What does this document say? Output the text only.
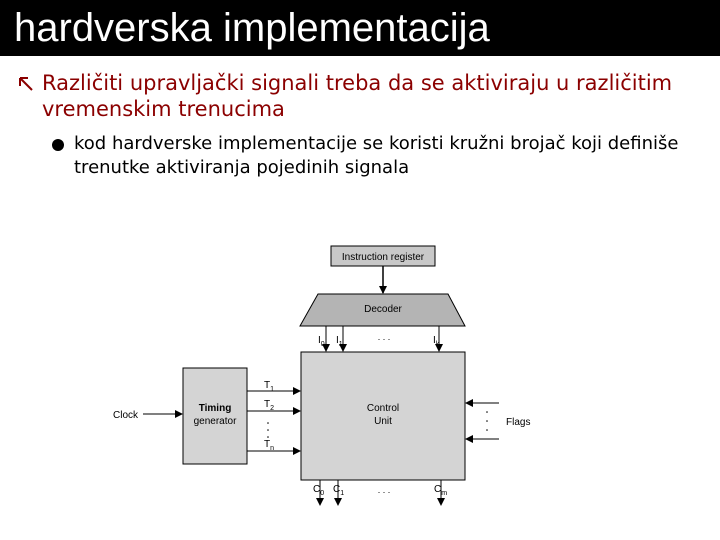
hardverska implementacija
Različiti upravljački signali treba da se aktiviraju u različitim vremenskim trenucima
kod hardverske implementacije se koristi kružni brojač koji definiše trenutke aktiviranja pojedinih signala
Instruction register
Decoder
$I_0$ $I_1$	$I_k$
. . .
Control
Unit
Timing
generator
Clock
$T_1$
$T_2$
$T_n$
Flags
$C_0$ $C_1$	$C_m$
. . .
